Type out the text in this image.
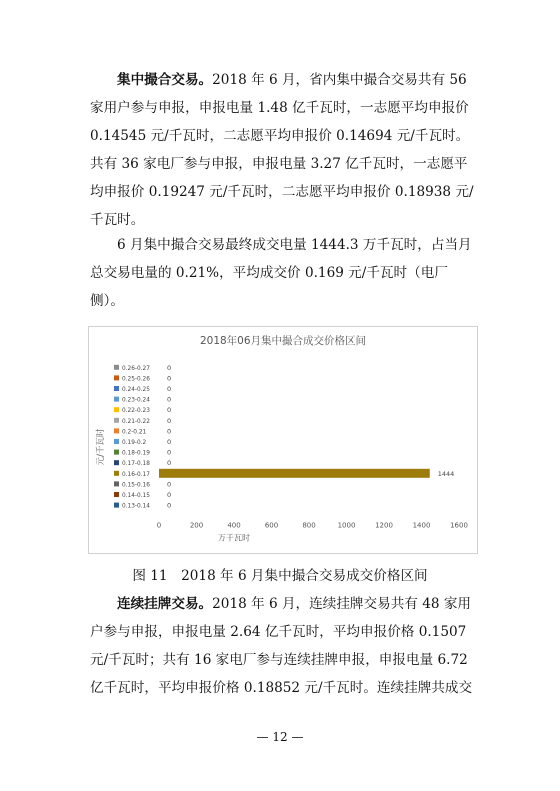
集中撮合交易。2018 年 6 月，省内集中撮合交易共有 56 家用户参与申报，申报电量 1.48 亿千瓦时，一志愿平均申报价 0.14545 元/千瓦时，二志愿平均申报价 0.14694 元/千瓦时。共有 36 家电厂参与申报，申报电量 3.27 亿千瓦时，一志愿平均申报价 0.19247 元/千瓦时，二志愿平均申报价 0.18938 元/千瓦时。

6 月集中撮合交易最终成交电量 1444.3 万千瓦时，占当月总交易电量的 0.21%，平均成交价 0.169 元/千瓦时（电厂侧）。

2018年06月集中撮合成交价格区间
元/千瓦时
0.26-0.27	0
0.25-0.26	0
0.24-0.25	0
0.23-0.24	0
0.22-0.23	0
0.21-0.22	0
0.2-0.21	0
0.19-0.2	0
0.18-0.19	0
0.17-0.18	0
0.16-0.17	1444
0.15-0.16	0
0.14-0.15	0
0.13-0.14	0
0	200	400	600	800	1000	1200	1400	1600
万千瓦时
图 11　2018 年 6 月集中撮合交易成交价格区间

连续挂牌交易。2018 年 6 月，连续挂牌交易共有 48 家用户参与申报，申报电量 2.64 亿千瓦时，平均申报价格 0.1507 元/千瓦时；共有 16 家电厂参与连续挂牌申报，申报电量 6.72 亿千瓦时，平均申报价格 0.18852 元/千瓦时。连续挂牌共成交

— 12 —
